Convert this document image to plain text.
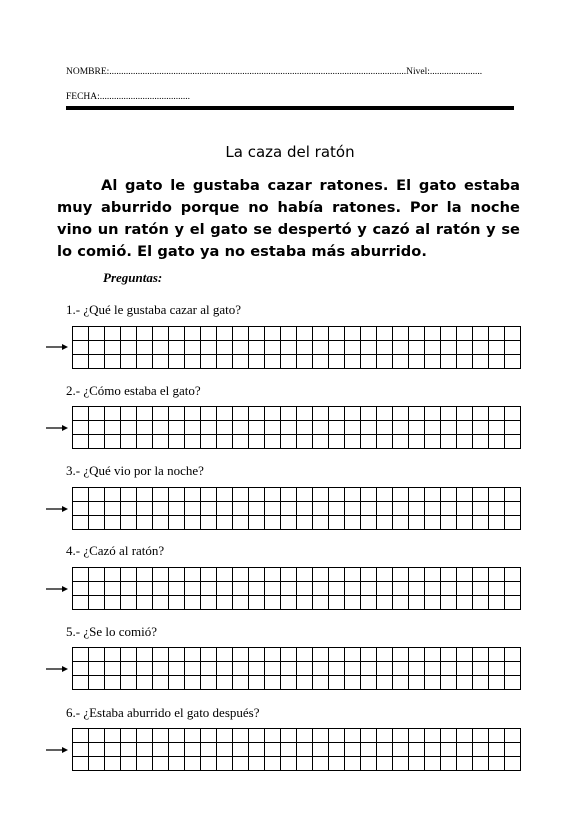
NOMBRE:.............................................................................................................................Nivel:......................
FECHA:......................................
La caza del ratón
Al gato le gustaba cazar ratones. El gato estaba muy aburrido porque no había ratones. Por la noche vino un ratón y el gato se despertó y cazó al ratón y se lo comió. El gato ya no estaba más aburrido.
Preguntas:
1.- ¿Qué le gustaba cazar al gato?
2.- ¿Cómo estaba el gato?
3.- ¿Qué vio por la noche?
4.- ¿Cazó al ratón?
5.- ¿Se lo comió?
6.- ¿Estaba aburrido el gato después?
